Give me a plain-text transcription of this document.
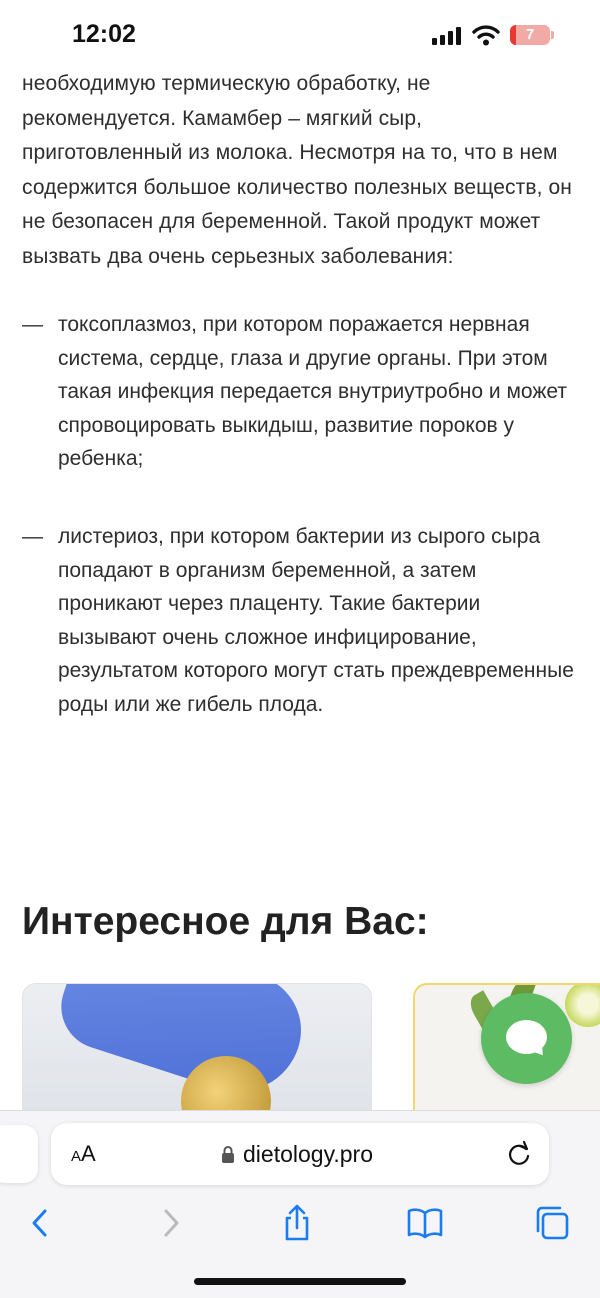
12:02	7

необходимую термическую обработку, не рекомендуется. Камамбер – мягкий сыр, приготовленный из молока. Несмотря на то, что в нем содержится большое количество полезных веществ, он не безопасен для беременной. Такой продукт может вызвать два очень серьезных заболевания:

— токсоплазмоз, при котором поражается нервная система, сердце, глаза и другие органы. При этом такая инфекция передается внутриутробно и может спровоцировать выкидыш, развитие пороков у ребенка;
— листериоз, при котором бактерии из сырого сыра попадают в организм беременной, а затем проникают через плаценту. Такие бактерии вызывают очень сложное инфицирование, результатом которого могут стать преждевременные роды или же гибель плода.
Интересное для Вас:
AA	dietology.pro
